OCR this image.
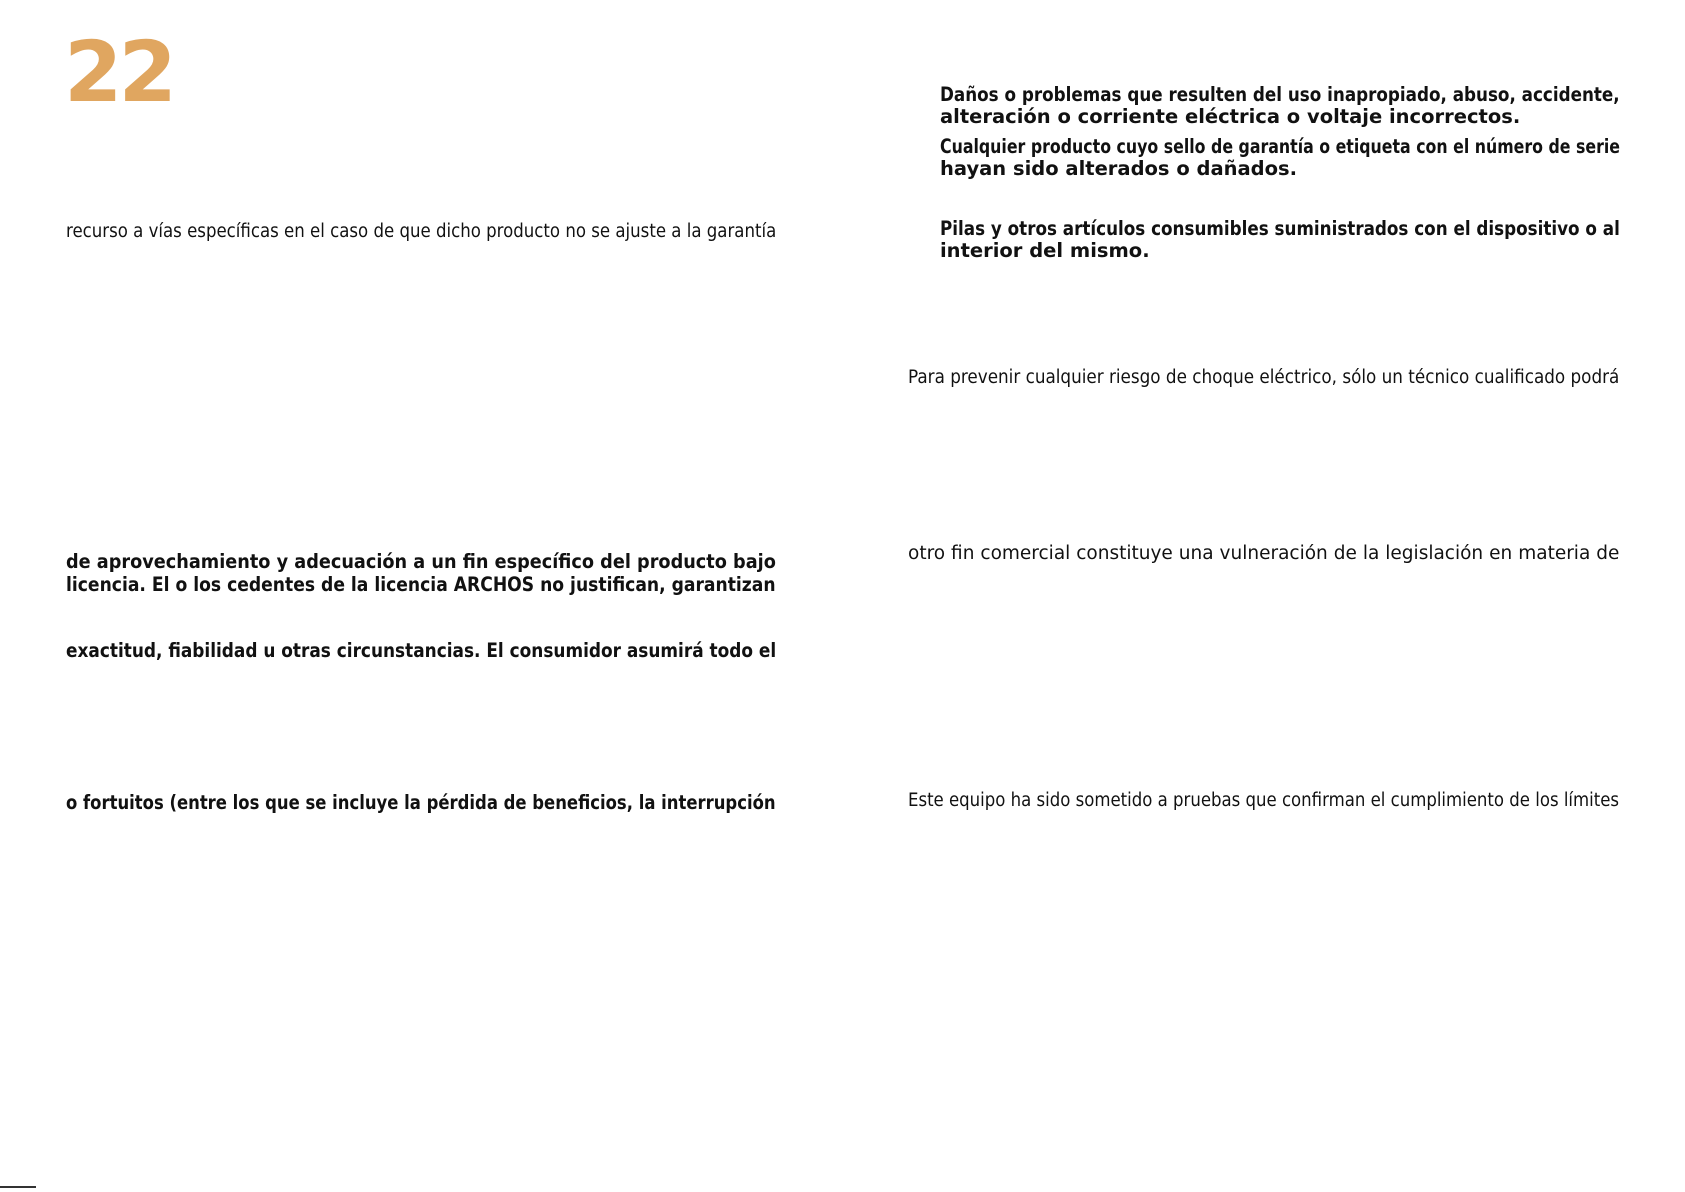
22

recurso a vías específicas en el caso de que dicho producto no se ajuste a la garantía

de aprovechamiento y adecuación a un fin específico del producto bajo

licencia. El o los cedentes de la licencia ARCHOS no justifican, garantizan

exactitud, fiabilidad u otras circunstancias. El consumidor asumirá todo el

o fortuitos (entre los que se incluye la pérdida de beneficios, la interrupción

Daños o problemas que resulten del uso inapropiado, abuso, accidente,
alteración o corriente eléctrica o voltaje incorrectos.
Cualquier producto cuyo sello de garantía o etiqueta con el número de serie
hayan sido alterados o dañados.
Pilas y otros artículos consumibles suministrados con el dispositivo o al
interior del mismo.

Para prevenir cualquier riesgo de choque eléctrico, sólo un técnico cualificado podrá

otro fin comercial constituye una vulneración de la legislación en materia de

Este equipo ha sido sometido a pruebas que confirman el cumplimiento de los límites
